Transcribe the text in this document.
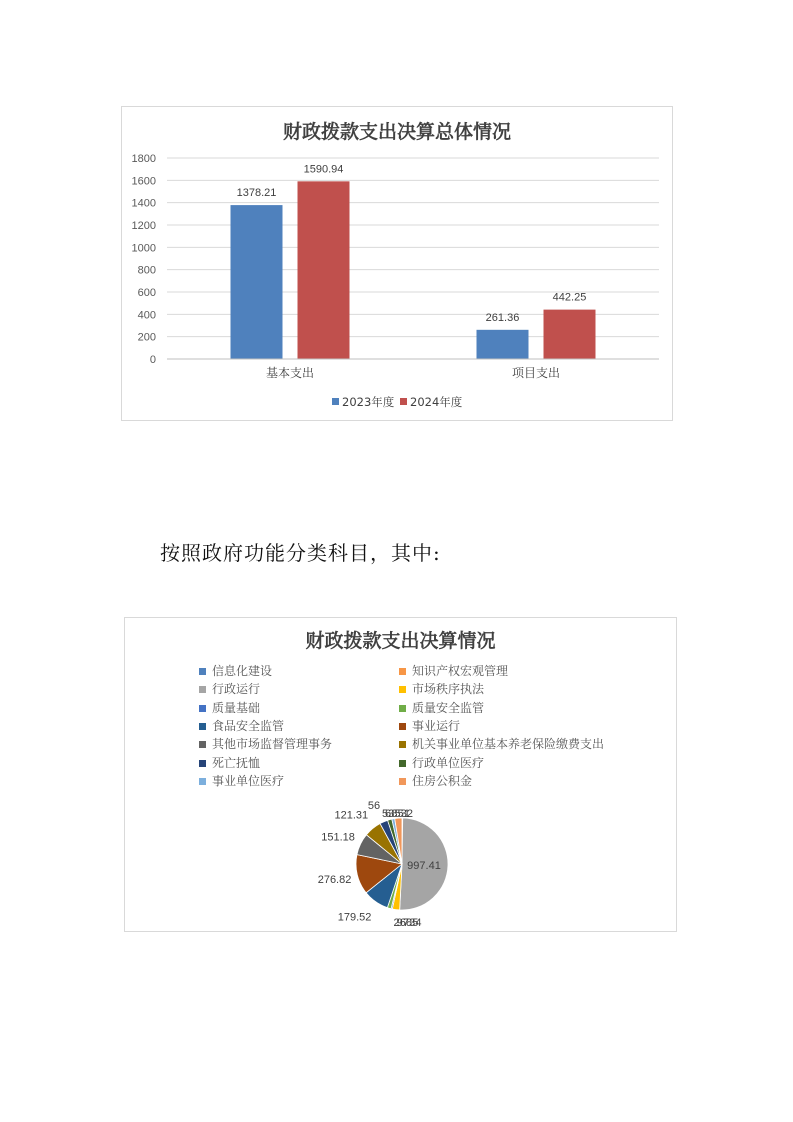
财政拨款支出决算总体情况
0
200
400
600
800
1000
1200
1400
1600
1800
1378.21
1590.94
基本支出
261.36
442.25
项目支出
2023年度 2024年度
按照政府功能分类科目，其中:
财政拨款支出决算情况
信息化建设	知识产权宏观管理
行政运行	市场秩序执法
质量基础	质量安全监管
食品安全监管	事业运行
其他市场监督管理事务	机关事业单位基本养老保险缴费支出
死亡抚恤	行政单位医疗
事业单位医疗	住房公积金
997.41
179.52
276.82
151.18
121.31
56
56.3855312
2.9678354
